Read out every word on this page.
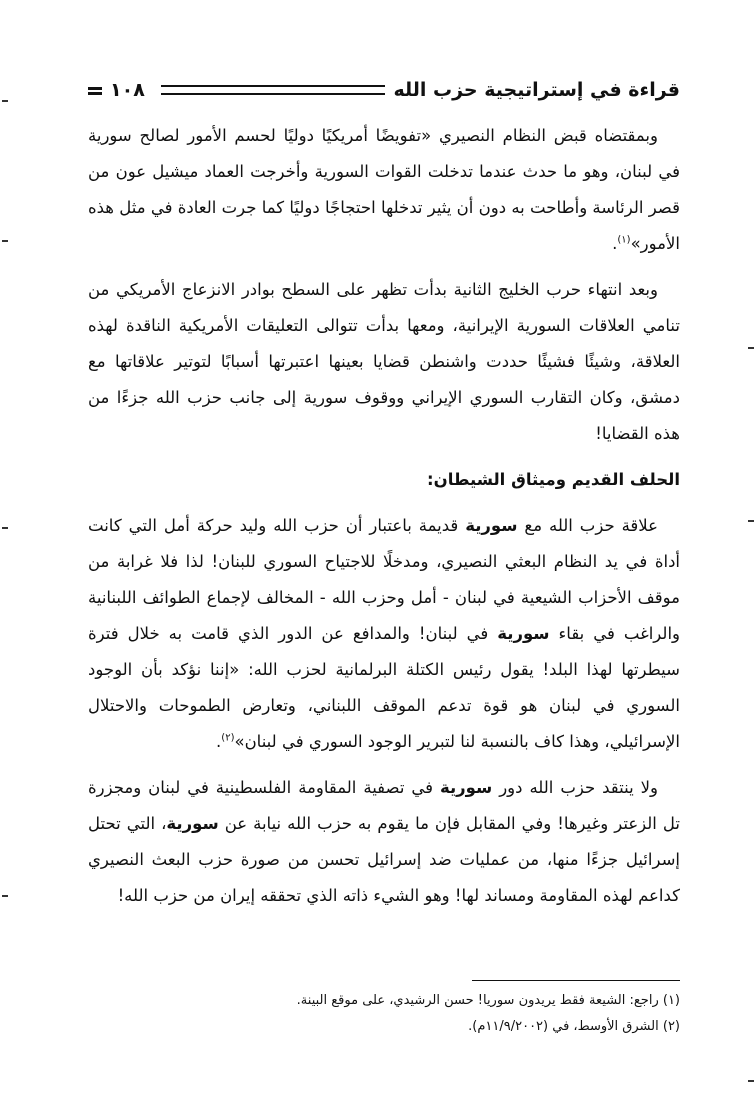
١٠٨	قراءة في إستراتيجية حزب الله

وبمقتضاه قبض النظام النصيري «تفويضًا أمريكيًا دوليًا لحسم الأمور لصالح سورية في لبنان، وهو ما حدث عندما تدخلت القوات السورية وأخرجت العماد ميشيل عون من قصر الرئاسة وأطاحت به دون أن يثير تدخلها احتجاجًا دوليًا كما جرت العادة في مثل هذه الأمور»$^{(١)}$.

وبعد انتهاء حرب الخليج الثانية بدأت تظهر على السطح بوادر الانزعاج الأمريكي من تنامي العلاقات السورية الإيرانية، ومعها بدأت تتوالى التعليقات الأمريكية الناقدة لهذه العلاقة، وشيئًا فشيئًا حددت واشنطن قضايا بعينها اعتبرتها أسبابًا لتوتير علاقاتها مع دمشق، وكان التقارب السوري الإيراني ووقوف سورية إلى جانب حزب الله جزءًا من هذه القضايا!

الحلف القديم وميثاق الشيطان:

علاقة حزب الله مع سورية قديمة باعتبار أن حزب الله وليد حركة أمل التي كانت أداة في يد النظام البعثي النصيري، ومدخلًا للاجتياح السوري للبنان! لذا فلا غرابة من موقف الأحزاب الشيعية في لبنان - أمل وحزب الله - المخالف لإجماع الطوائف اللبنانية والراغب في بقاء سورية في لبنان! والمدافع عن الدور الذي قامت به خلال فترة سيطرتها لهذا البلد! يقول رئيس الكتلة البرلمانية لحزب الله: «إننا نؤكد بأن الوجود السوري في لبنان هو قوة تدعم الموقف اللبناني، وتعارض الطموحات والاحتلال الإسرائيلي، وهذا كاف بالنسبة لنا لتبرير الوجود السوري في لبنان»$^{(٢)}$.

ولا ينتقد حزب الله دور سورية في تصفية المقاومة الفلسطينية في لبنان ومجزرة تل الزعتر وغيرها! وفي المقابل فإن ما يقوم به حزب الله نيابة عن سورية، التي تحتل إسرائيل جزءًا منها، من عمليات ضد إسرائيل تحسن من صورة حزب البعث النصيري كداعم لهذه المقاومة ومساند لها! وهو الشيء ذاته الذي تحققه إيران من حزب الله!

(١) راجع: الشيعة فقط يريدون سوريا! حسن الرشيدي، على موقع البينة.
(٢) الشرق الأوسط، في (١١/٩/٢٠٠٢م).
